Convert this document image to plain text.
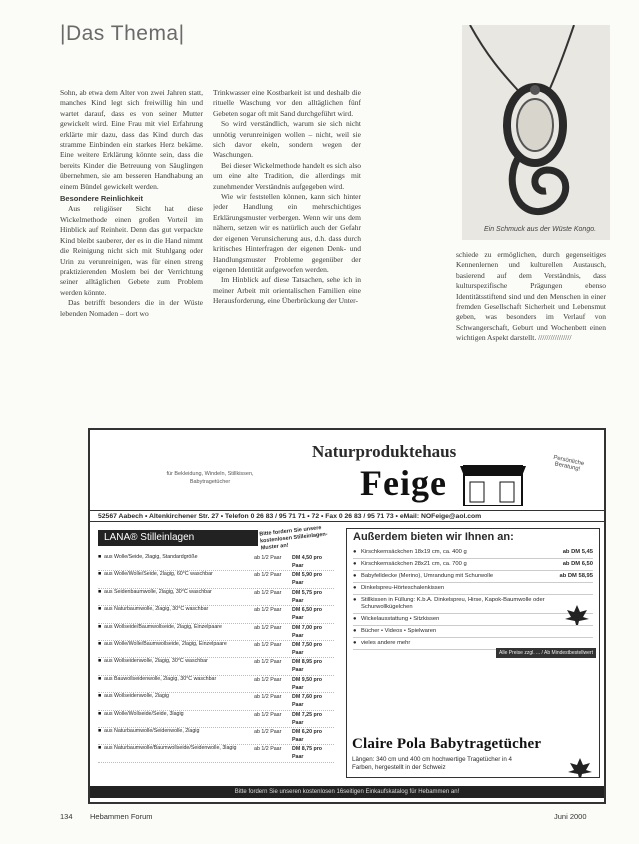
|Das Thema|
Ein Schmuck aus der Wüste Kongo.

Sohn, ab etwa dem Alter von zwei Jahren statt, manches Kind legt sich freiwillig hin und wartet darauf, dass es von seiner Mutter gewickelt wird. Eine Frau mit viel Erfahrung erklärte mir dazu, dass das Kind durch das stramme Einbinden ein starkes Herz bekäme. Eine weitere Erklärung könnte sein, dass die bereits Kinder die Betreuung von Säuglingen übernehmen, sie am besseren Handhabung an einem Bündel gewickelt werden.

Besondere Reinlichkeit

Aus religiöser Sicht hat diese Wickelmethode einen großen Vorteil im Hinblick auf Reinheit. Denn das gut verpackte Kind bleibt sauberer, der es in die Hand nimmt die Reinigung nicht sich mit Stuhlgang oder Urin zu verunreinigen, was für einen streng praktizierenden Moslem bei der Verrichtung seiner alltäglichen Gebete zum Problem werden könnte.

Das betrifft besonders die in der Wüste lebenden Nomaden – dort wo

Trinkwasser eine Kostbarkeit ist und deshalb die rituelle Waschung vor den alltäglichen fünf Gebeten sogar oft mit Sand durchgeführt wird.

So wird verständlich, warum sie sich nicht unnötig verunreinigen wollen – nicht, weil sie sich davor ekeln, sondern wegen der Waschungen.

Bei dieser Wickelmethode handelt es sich also um eine alte Tradition, die allerdings mit zunehmender Verständnis aufgegeben wird.

Wie wir feststellen können, kann sich hinter jeder Handlung ein mehrschichtiges Erklärungsmuster verbergen. Wenn wir uns dem nähern, setzen wir es natürlich auch der Gefahr der eigenen Verunsicherung aus, d.h. dass durch kritisches Hinterfragen der eigenen Denk- und Handlungsmuster Probleme gegenüber der eigenen Identität aufgeworfen werden.

Im Hinblick auf diese Tatsachen, sehe ich in meiner Arbeit mit orientalischen Familien eine Herausforderung, eine Überbrückung der Unter-

schiede zu ermöglichen, durch gegenseitiges Kennenlernen und kulturellen Austausch, basierend auf dem Verständnis, dass kulturspezifische Prägungen ebenso Identitätsstiftend sind und den Menschen in einer fremden Gesellschaft Sicherheit und Lebensmut geben, was besonders im Verlauf von Schwangerschaft, Geburt und Wochenbett einen wichtigen Aspekt darstellt. ////////////////

Naturproduktehaus
für Bekleidung, Windeln, Stillkissen, Babytragetücher	Feige
Persönliche Beratung!
52567 Aabech • Altenkirchener Str. 27 • Telefon 0 26 83 / 95 71 71 • 72 • Fax 0 26 83 / 95 71 73 • eMail: NOFeige@aol.com
LANA® Stilleinlagen	Bitte fordern Sie unsere kostenlosen Stilleinlagen-Muster an!
■ aus Wolle/Seide, 2lagig, Standardgröße	ab 1/2 Paar	DM 4,50 pro Paar
■ aus Wolle/Wolle/Seide, 2lagig, 60°C waschbar	ab 1/2 Paar	DM 5,90 pro Paar
■ aus Seidenbaumwolle, 2lagig, 30°C waschbar	ab 1/2 Paar	DM 5,75 pro Paar
■ aus Naturbaumwolle, 2lagig, 30°C waschbar	ab 1/2 Paar	DM 6,50 pro Paar
■ aus Wollseide/Baumwollseide, 2lagig, Einzelpaare	ab 1/2 Paar	DM 7,00 pro Paar
■ aus Wolle/Wolle/Baumwollseide, 2lagig, Einzelpaare	ab 1/2 Paar	DM 7,50 pro Paar
■ aus Wollseidenwolle, 2lagig, 30°C waschbar	ab 1/2 Paar	DM 8,95 pro Paar
■ aus Bauwollseidenwolle, 2lagig, 30°C waschbar	ab 1/2 Paar	DM 9,50 pro Paar
■ aus Wollseidenwolle, 2lagig	ab 1/2 Paar	DM 7,60 pro Paar
■ aus Wolle/Wollseide/Seide, 3lagig	ab 1/2 Paar	DM 7,25 pro Paar
■ aus Naturbaumwolle/Seidenwolle, 2lagig	ab 1/2 Paar	DM 6,20 pro Paar
■ aus Naturbaumwolle/Baumwollseide/Seidenwolle, 3lagig	ab 1/2 Paar	DM 8,75 pro Paar
Außerdem bieten wir Ihnen an:
● Kirschkernsäckchen 18x19 cm, ca. 400 g	ab DM 5,45
● Kirschkernsäckchen 28x21 cm, ca. 700 g	ab DM 6,50
● Babyfelldecke (Merino), Umrandung mit Schurwolle	ab DM 58,95
● Dinkelspreu-Hörteschalenkissen
● Stillkissen in Füllung: K.b.A. Dinkelspreu, Hirse, Kapok-Baumwolle oder Schurwollkügelchen
● Wickelausstattung • Sitzkissen
● Bücher • Videos • Spielwaren
● vieles andere mehr
Alle Preise zzgl. ... / Ab Mindestbestellwert
Claire Pola Babytragetücher
Längen: 340 cm und 400 cm hochwertige Tragetücher in 4 Farben, hergestellt in der Schweiz
Bitte fordern Sie unseren kostenlosen 16seitigen Einkaufskatalog für Hebammen an!
134 Hebammen Forum	Juni 2000
